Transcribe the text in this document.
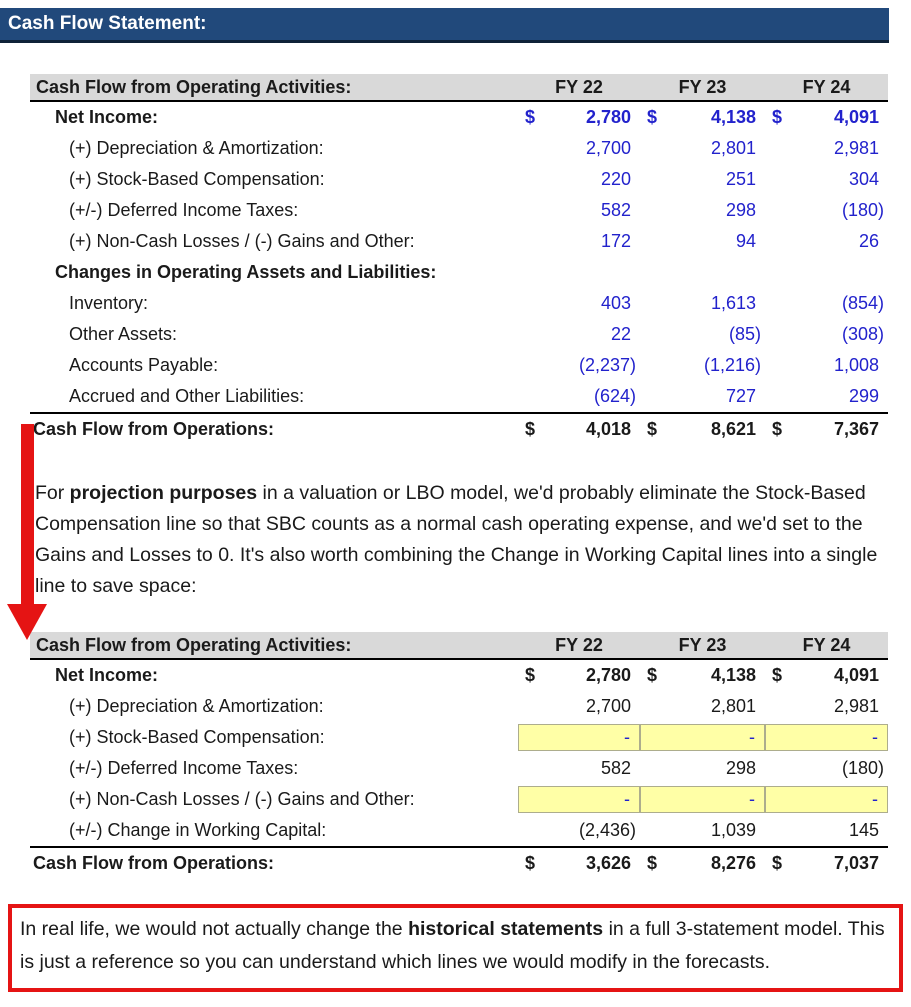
Cash Flow Statement:
Cash Flow from Operating Activities:	FY 22	FY 23	FY 24
Net Income:	$	2,780 $	4,138 $	4,091
(+) Depreciation & Amortization:	2,700	2,801	2,981
(+) Stock-Based Compensation:	220	251	304
(+/-) Deferred Income Taxes:	582	298	(180)
(+) Non-Cash Losses / (-) Gains and Other:	172	94	26
Changes in Operating Assets and Liabilities:
Inventory:	403	1,613	(854)
Other Assets:	22	(85)	(308)
Accounts Payable:	(2,237)	(1,216)	1,008
Accrued and Other Liabilities:	(624)	727	299
Cash Flow from Operations:	$	4,018 $	8,621 $	7,367

For projection purposes in a valuation or LBO model, we'd probably eliminate the Stock-Based Compensation line so that SBC counts as a normal cash operating expense, and we'd set to the Gains and Losses to 0. It's also worth combining the Change in Working Capital lines into a single line to save space:

Cash Flow from Operating Activities:	FY 22	FY 23	FY 24
Net Income:	$	2,780 $	4,138 $	4,091
(+) Depreciation & Amortization:	2,700	2,801	2,981
(+) Stock-Based Compensation:	-	-	-
(+/-) Deferred Income Taxes:	582	298	(180)
(+) Non-Cash Losses / (-) Gains and Other:	-	-	-
(+/-) Change in Working Capital:	(2,436)	1,039	145
Cash Flow from Operations:	$	3,626 $	8,276 $	7,037
In real life, we would not actually change the historical statements in a full 3-statement model. This is just a reference so you can understand which lines we would modify in the forecasts.
